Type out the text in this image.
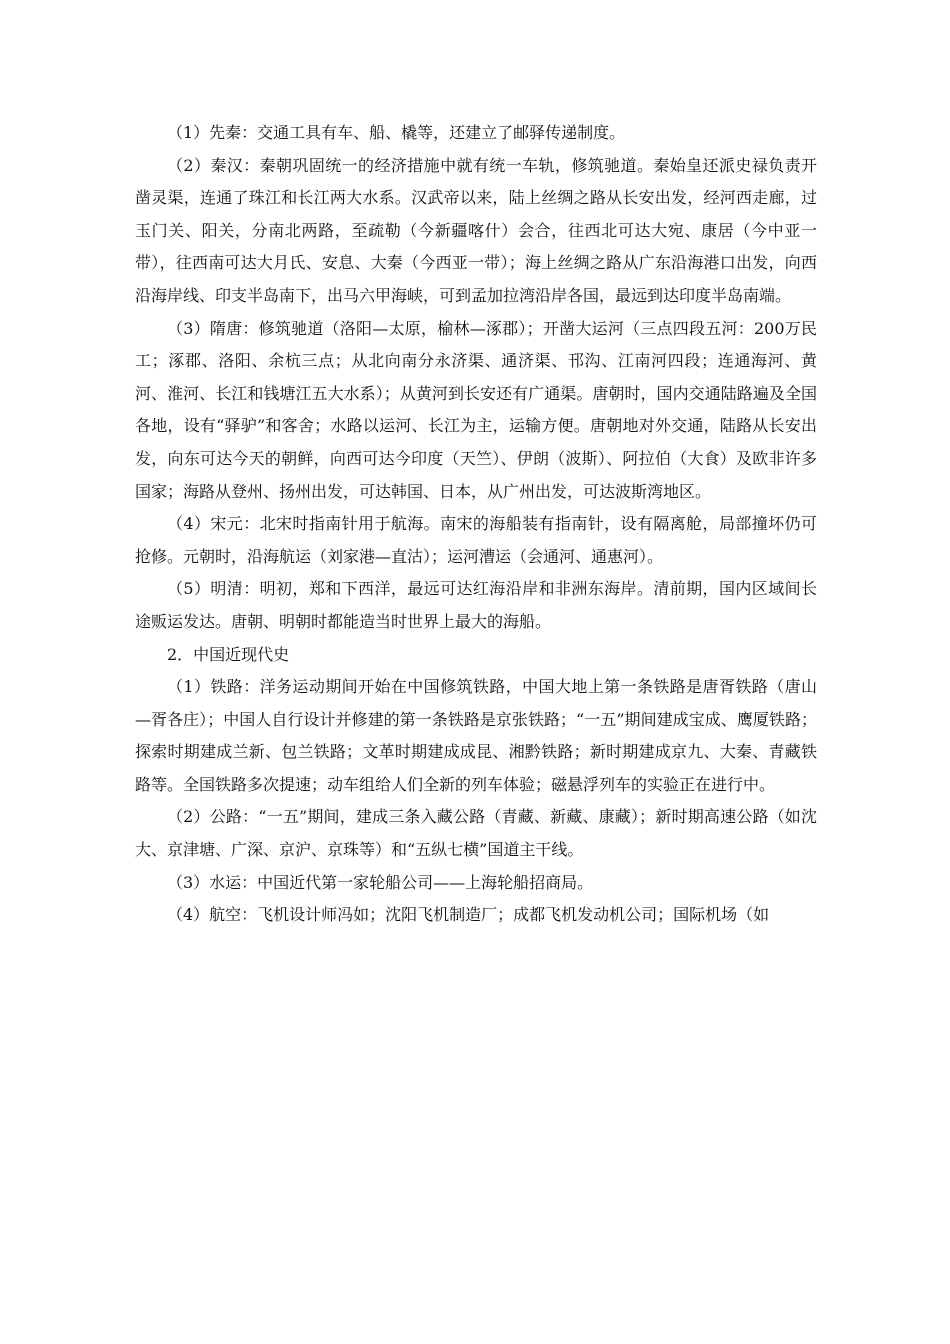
（1）先秦：交通工具有车、船、橇等，还建立了邮驿传递制度。

（2）秦汉：秦朝巩固统一的经济措施中就有统一车轨，修筑驰道。秦始皇还派史禄负责开凿灵渠，连通了珠江和长江两大水系。汉武帝以来，陆上丝绸之路从长安出发，经河西走廊，过玉门关、阳关，分南北两路，至疏勒（今新疆喀什）会合，往西北可达大宛、康居（今中亚一带），往西南可达大月氏、安息、大秦（今西亚一带）；海上丝绸之路从广东沿海港口出发，向西沿海岸线、印支半岛南下，出马六甲海峡，可到孟加拉湾沿岸各国，最远到达印度半岛南端。

（3）隋唐：修筑驰道（洛阳—太原，榆林—涿郡）；开凿大运河（三点四段五河：200万民工；涿郡、洛阳、余杭三点；从北向南分永济渠、通济渠、邗沟、江南河四段；连通海河、黄河、淮河、长江和钱塘江五大水系）；从黄河到长安还有广通渠。唐朝时，国内交通陆路遍及全国各地，设有“驿驴”和客舍；水路以运河、长江为主，运输方便。唐朝地对外交通，陆路从长安出发，向东可达今天的朝鲜，向西可达今印度（天竺）、伊朗（波斯）、阿拉伯（大食）及欧非许多国家；海路从登州、扬州出发，可达韩国、日本，从广州出发，可达波斯湾地区。

（4）宋元：北宋时指南针用于航海。南宋的海船装有指南针，设有隔离舱，局部撞坏仍可抢修。元朝时，沿海航运（刘家港—直沽）；运河漕运（会通河、通惠河）。

（5）明清：明初，郑和下西洋，最远可达红海沿岸和非洲东海岸。清前期，国内区域间长途贩运发达。唐朝、明朝时都能造当时世界上最大的海船。

2．中国近现代史

（1）铁路：洋务运动期间开始在中国修筑铁路，中国大地上第一条铁路是唐胥铁路（唐山—胥各庄）；中国人自行设计并修建的第一条铁路是京张铁路；“一五”期间建成宝成、鹰厦铁路；探索时期建成兰新、包兰铁路；文革时期建成成昆、湘黔铁路；新时期建成京九、大秦、青藏铁路等。全国铁路多次提速；动车组给人们全新的列车体验；磁悬浮列车的实验正在进行中。

（2）公路：“一五”期间，建成三条入藏公路（青藏、新藏、康藏）；新时期高速公路（如沈大、京津塘、广深、京沪、京珠等）和“五纵七横”国道主干线。

（3）水运：中国近代第一家轮船公司——上海轮船招商局。

（4）航空：飞机设计师冯如；沈阳飞机制造厂；成都飞机发动机公司；国际机场（如
